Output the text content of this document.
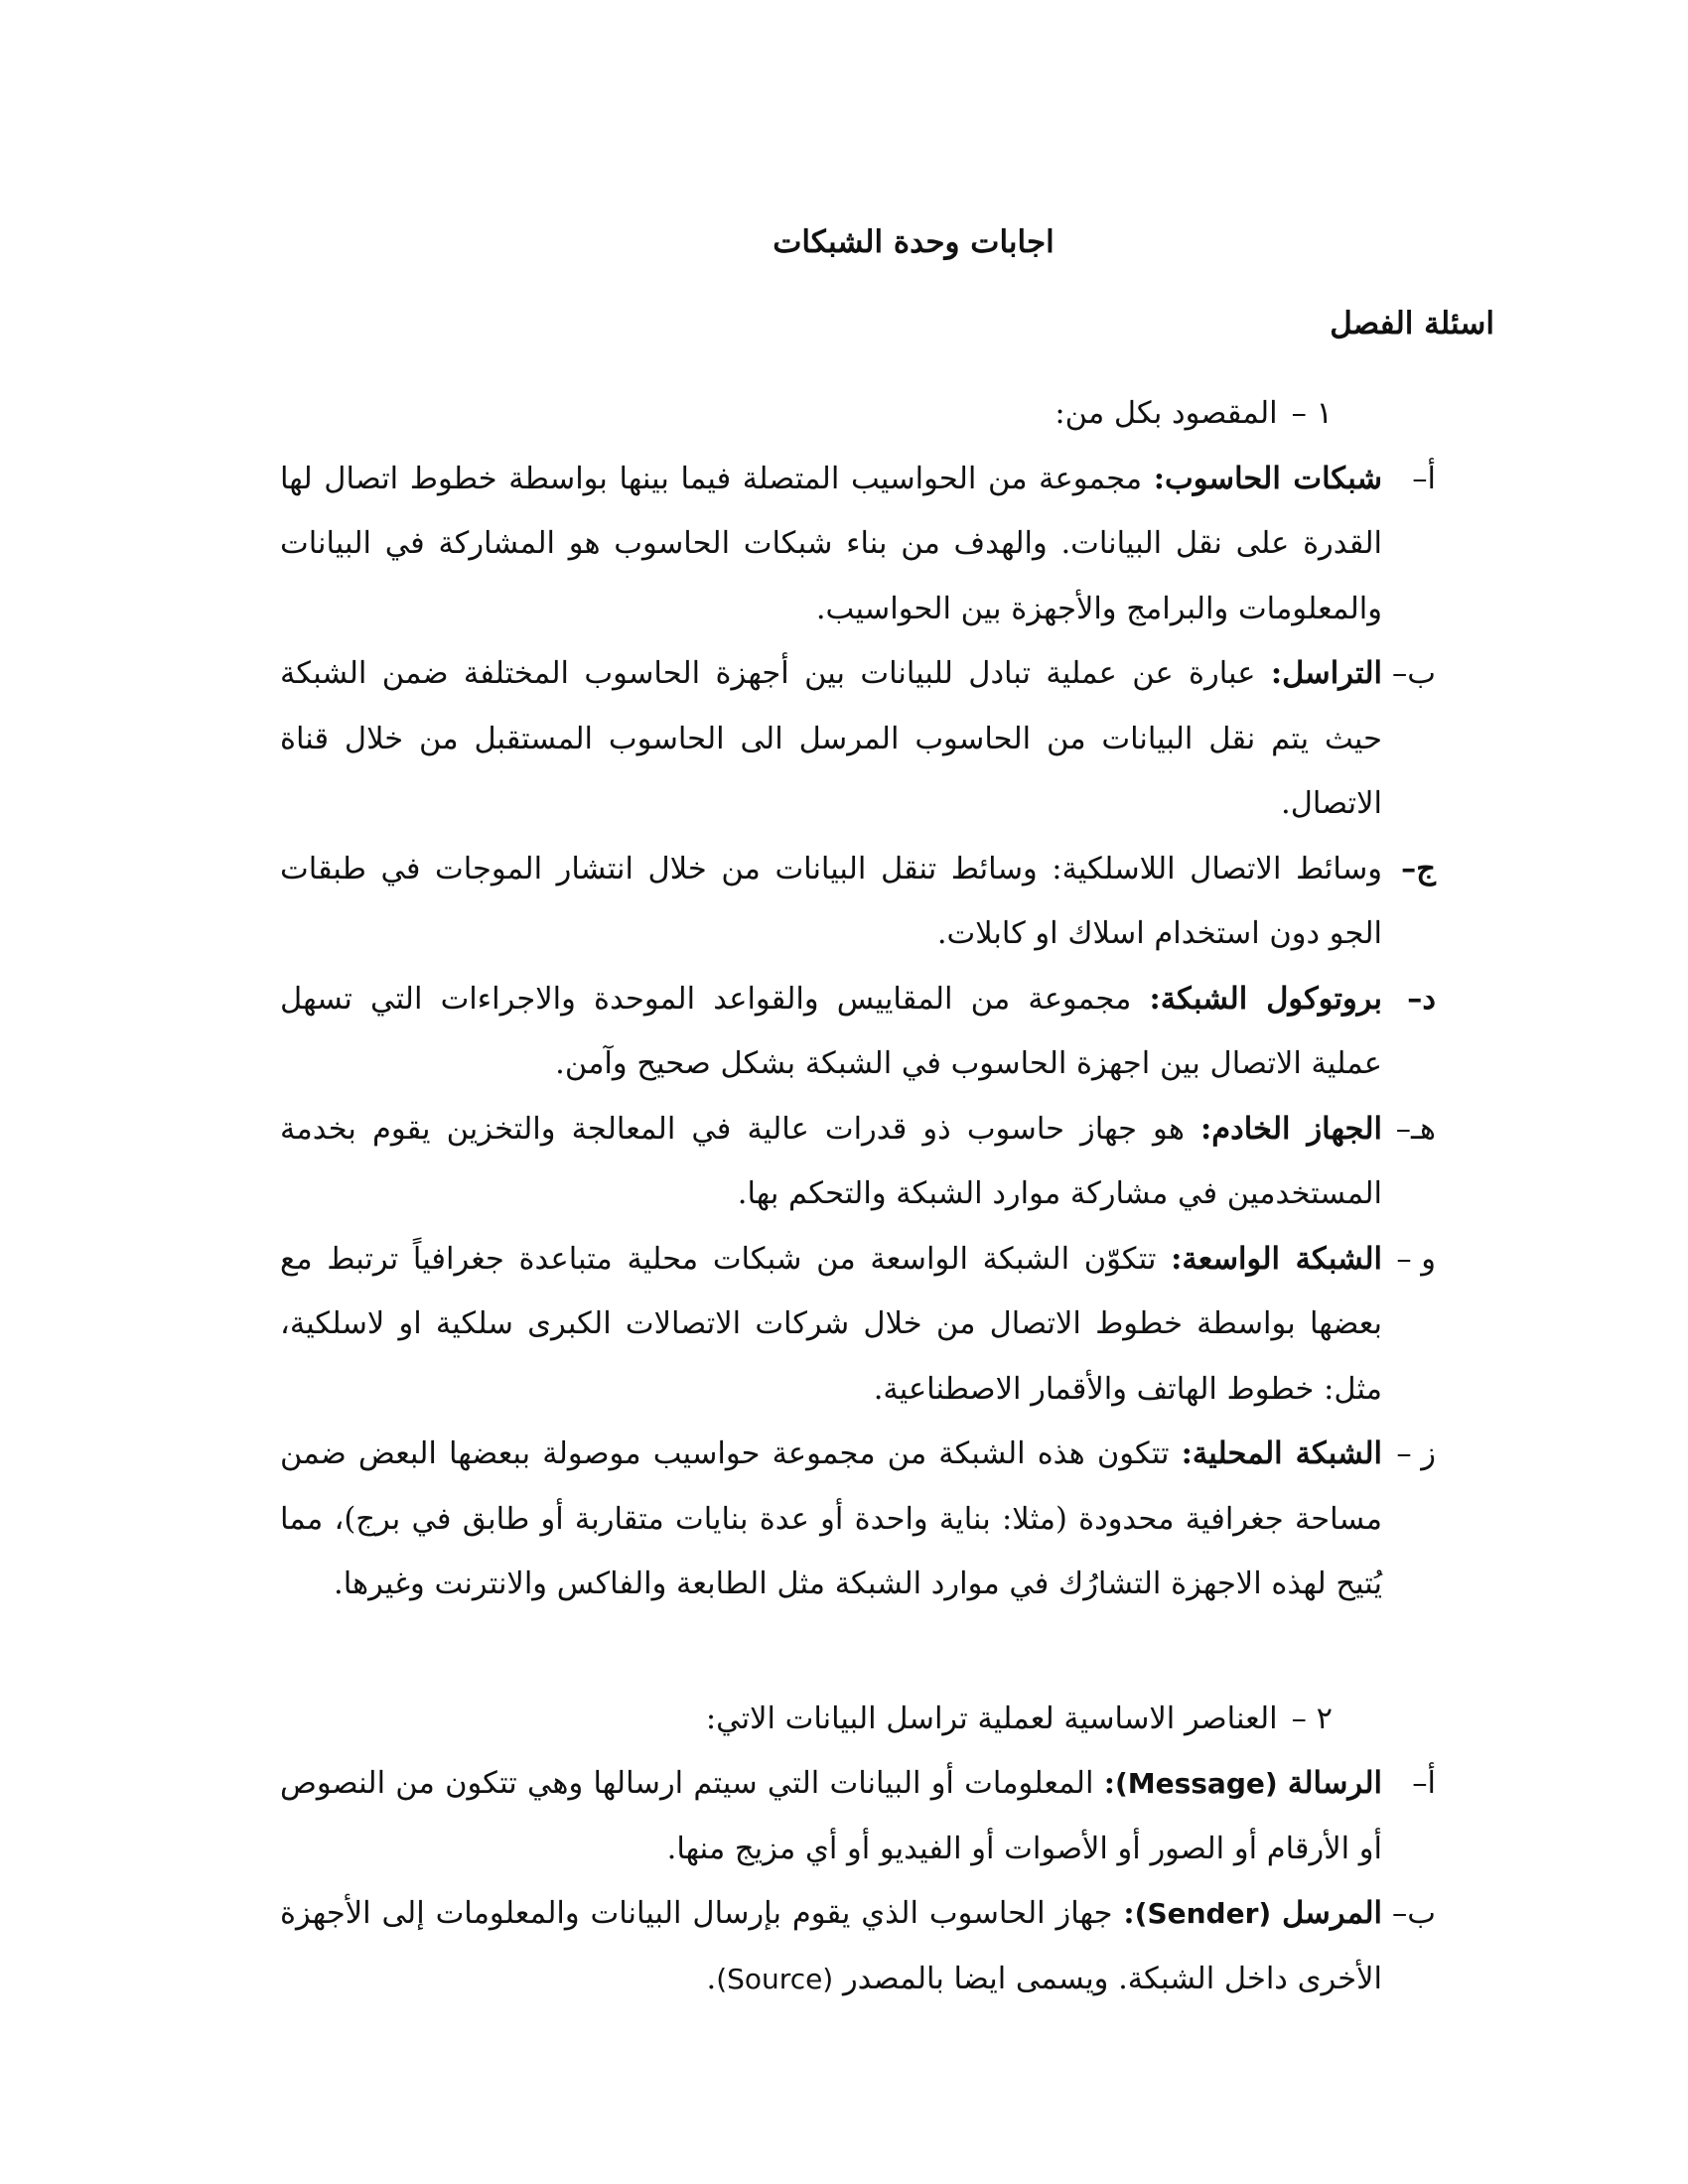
اجابات وحدة الشبكات
اسئلة الفصل

١ –المقصود بكل من:

أ–
شبكات الحاسوب: مجموعة من الحواسيب المتصلة فيما بينها بواسطة خطوط اتصال لها القدرة على نقل البيانات. والهدف من بناء شبكات الحاسوب هو المشاركة في البيانات والمعلومات والبرامج والأجهزة بين الحواسيب.

ب–
التراسل: عبارة عن عملية تبادل للبيانات بين أجهزة الحاسوب المختلفة ضمن الشبكة حيث يتم نقل البيانات من الحاسوب المرسل الى الحاسوب المستقبل من خلال قناة الاتصال.

ج–
وسائط الاتصال اللاسلكية: وسائط تنقل البيانات من خلال انتشار الموجات في طبقات الجو دون استخدام اسلاك او كابلات.

د–
بروتوكول الشبكة: مجموعة من المقاييس والقواعد الموحدة والاجراءات التي تسهل عملية الاتصال بين اجهزة الحاسوب في الشبكة بشكل صحيح وآمن.

هـ–
الجهاز الخادم: هو جهاز حاسوب ذو قدرات عالية في المعالجة والتخزين يقوم بخدمة المستخدمين في مشاركة موارد الشبكة والتحكم بها.

و –
الشبكة الواسعة: تتكوّن الشبكة الواسعة من شبكات محلية متباعدة جغرافياً ترتبط مع بعضها بواسطة خطوط الاتصال من خلال شركات الاتصالات الكبرى سلكية او لاسلكية، مثل: خطوط الهاتف والأقمار الاصطناعية.

ز –
الشبكة المحلية: تتكون هذه الشبكة من مجموعة حواسيب موصولة ببعضها البعض ضمن مساحة جغرافية محدودة (مثلا: بناية واحدة أو عدة بنايات متقاربة أو طابق في برج)، مما يُتيح لهذه الاجهزة التشارُك في موارد الشبكة مثل الطابعة والفاكس والانترنت وغيرها.

٢ –العناصر الاساسية لعملية تراسل البيانات الاتي:

أ–
الرسالة (Message): المعلومات أو البيانات التي سيتم ارسالها وهي تتكون من النصوص أو الأرقام أو الصور أو الأصوات أو الفيديو أو أي مزيج منها.

ب–
المرسل (Sender): جهاز الحاسوب الذي يقوم بإرسال البيانات والمعلومات إلى الأجهزة الأخرى داخل الشبكة. ويسمى ايضا بالمصدر (Source).
